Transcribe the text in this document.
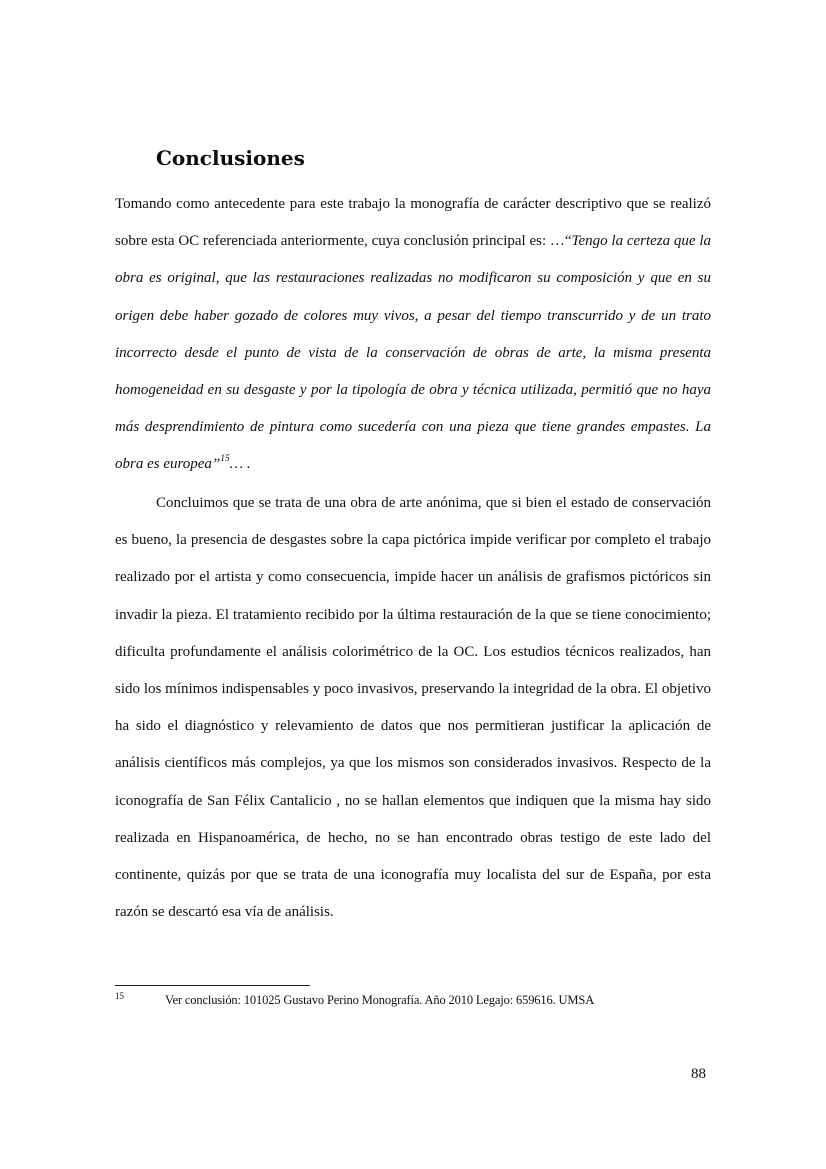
Conclusiones

Tomando como antecedente para este trabajo la monografía de carácter descriptivo que se realizó sobre esta OC referenciada anteriormente, cuya conclusión principal es: …“Tengo la certeza que la obra es original, que las restauraciones realizadas no modificaron su composición y que en su origen debe haber gozado de colores muy vivos, a pesar del tiempo transcurrido y de un trato incorrecto desde el punto de vista de la conservación de obras de arte, la misma presenta homogeneidad en su desgaste y por la tipología de obra y técnica utilizada, permitió que no haya más desprendimiento de pintura como sucedería con una pieza que tiene grandes empastes. La obra es europea”$^{15}$… .

Concluimos que se trata de una obra de arte anónima, que si bien el estado de conservación es bueno, la presencia de desgastes sobre la capa pictórica impide verificar por completo el trabajo realizado por el artista y como consecuencia, impide hacer un análisis de grafismos pictóricos sin invadir la pieza. El tratamiento recibido por la última restauración de la que se tiene conocimiento; dificulta profundamente el análisis colorimétrico de la OC. Los estudios técnicos realizados, han sido los mínimos indispensables y poco invasivos, preservando la integridad de la obra. El objetivo ha sido el diagnóstico y relevamiento de datos que nos permitieran justificar la aplicación de análisis científicos más complejos, ya que los mismos son considerados invasivos. Respecto de la iconografía de San Félix Cantalicio , no se hallan elementos que indiquen que la misma hay sido realizada en Hispanoamérica, de hecho, no se han encontrado obras testigo de este lado del continente, quizás por que se trata de una iconografía muy localista del sur de España, por esta razón se descartó esa vía de análisis.

15	Ver conclusión: 101025 Gustavo Perino Monografía. Año 2010 Legajo: 659616. UMSA
88
